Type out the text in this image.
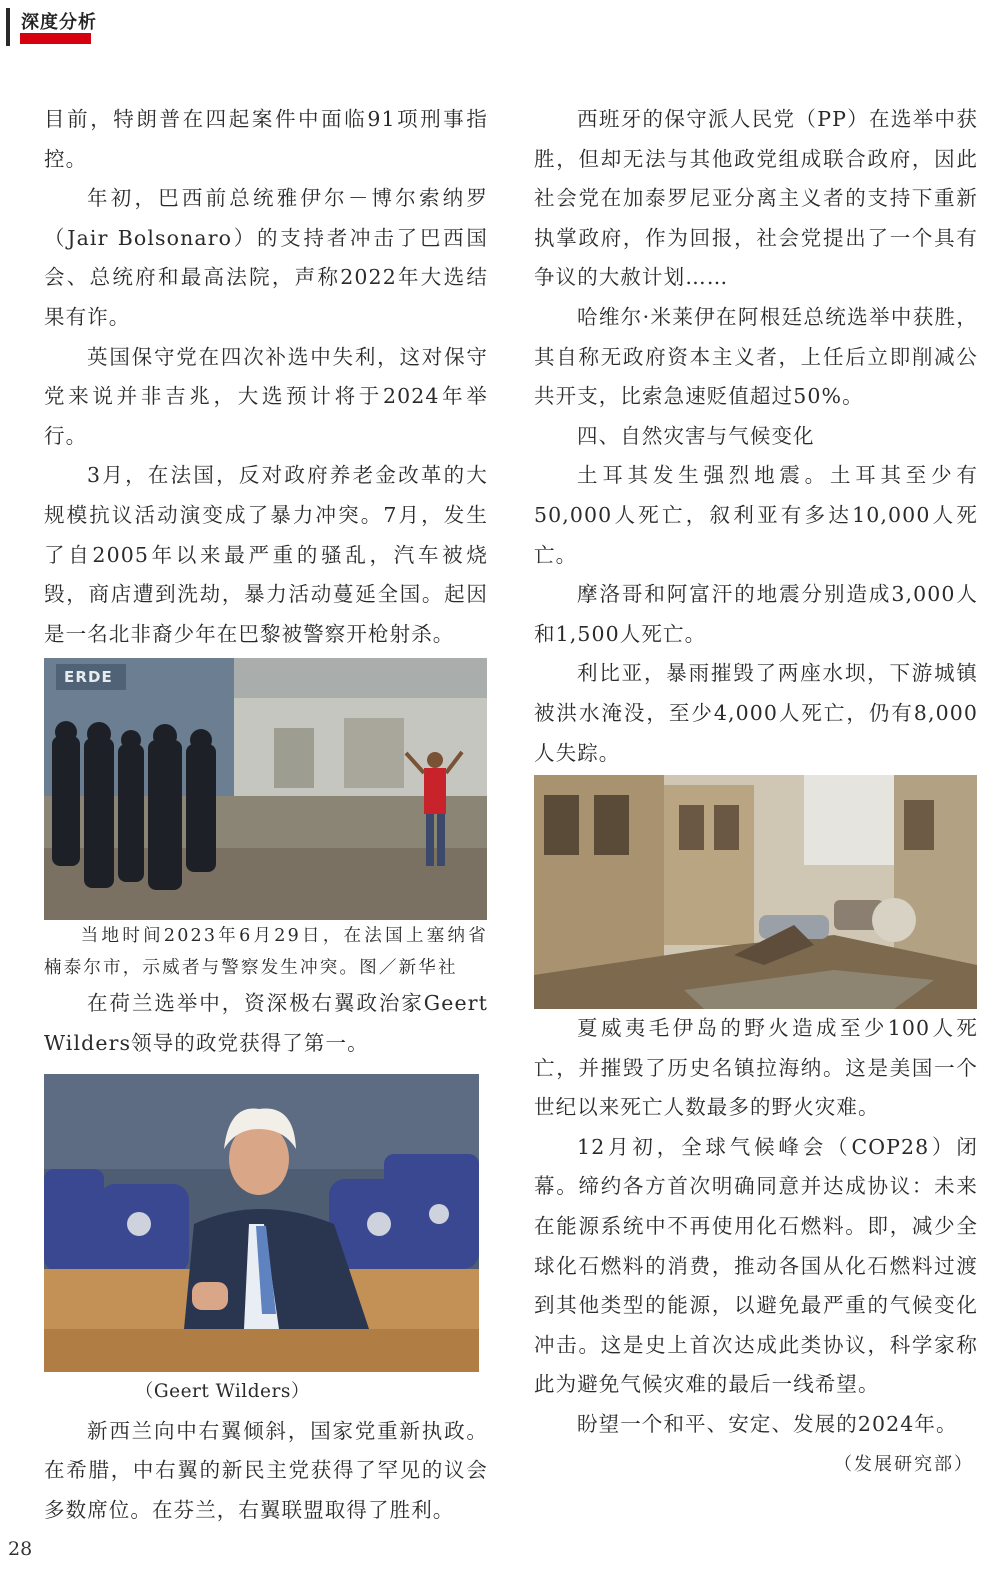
深度分析

目前，特朗普在四起案件中面临91项刑事指控。

年初，巴西前总统雅伊尔－博尔索纳罗（Jair Bolsonaro）的支持者冲击了巴西国会、总统府和最高法院，声称2022年大选结果有诈。

英国保守党在四次补选中失利，这对保守党来说并非吉兆，大选预计将于2024年举行。

3月，在法国，反对政府养老金改革的大规模抗议活动演变成了暴力冲突。7月，发生了自2005年以来最严重的骚乱，汽车被烧毁，商店遭到洗劫，暴力活动蔓延全国。起因是一名北非裔少年在巴黎被警察开枪射杀。

ERDE

当地时间2023年6月29日，在法国上塞纳省楠泰尔市，示威者与警察发生冲突。图／新华社

在荷兰选举中，资深极右翼政治家Geert Wilders领导的政党获得了第一。

（Geert Wilders）

新西兰向中右翼倾斜，国家党重新执政。在希腊，中右翼的新民主党获得了罕见的议会多数席位。在芬兰，右翼联盟取得了胜利。

西班牙的保守派人民党（PP）在选举中获胜，但却无法与其他政党组成联合政府，因此社会党在加泰罗尼亚分离主义者的支持下重新执掌政府，作为回报，社会党提出了一个具有争议的大赦计划……

哈维尔·米莱伊在阿根廷总统选举中获胜，其自称无政府资本主义者，上任后立即削减公共开支，比索急速贬值超过50%。

四、自然灾害与气候变化

土耳其发生强烈地震。土耳其至少有50,000人死亡，叙利亚有多达10,000人死亡。

摩洛哥和阿富汗的地震分别造成3,000人和1,500人死亡。

利比亚，暴雨摧毁了两座水坝，下游城镇被洪水淹没，至少4,000人死亡，仍有8,000人失踪。

夏威夷毛伊岛的野火造成至少100人死亡，并摧毁了历史名镇拉海纳。这是美国一个世纪以来死亡人数最多的野火灾难。

12月初，全球气候峰会（COP28）闭幕。缔约各方首次明确同意并达成协议：未来在能源系统中不再使用化石燃料。即，减少全球化石燃料的消费，推动各国从化石燃料过渡到其他类型的能源，以避免最严重的气候变化冲击。这是史上首次达成此类协议，科学家称此为避免气候灾难的最后一线希望。

盼望一个和平、安定、发展的2024年。

（发展研究部）

28
